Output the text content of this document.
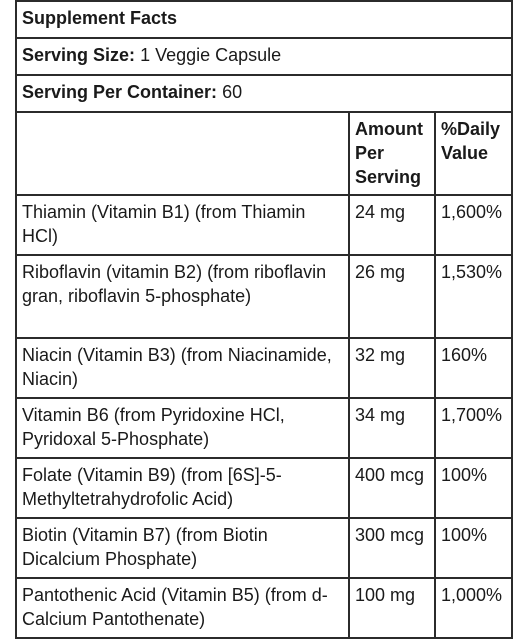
Supplement Facts		
Serving Size: 1 Veggie Capsule		
Serving Per Container: 60		
	Amount Per Serving	%Daily Value
Thiamin (Vitamin B1) (from Thiamin HCl)	24 mg	1,600%
Riboflavin (vitamin B2) (from riboflavin gran, riboflavin 5-phosphate)	26 mg	1,530%
Niacin (Vitamin B3) (from Niacinamide, Niacin)	32 mg	160%
Vitamin B6 (from Pyridoxine HCl, Pyridoxal 5-Phosphate)	34 mg	1,700%
Folate (Vitamin B9) (from [6S]-5-Methyltetrahydrofolic Acid)	400 mcg	100%
Biotin (Vitamin B7) (from Biotin Dicalcium Phosphate)	300 mcg	100%
Pantothenic Acid (Vitamin B5) (from d-Calcium Pantothenate)	100 mg	1,000%
